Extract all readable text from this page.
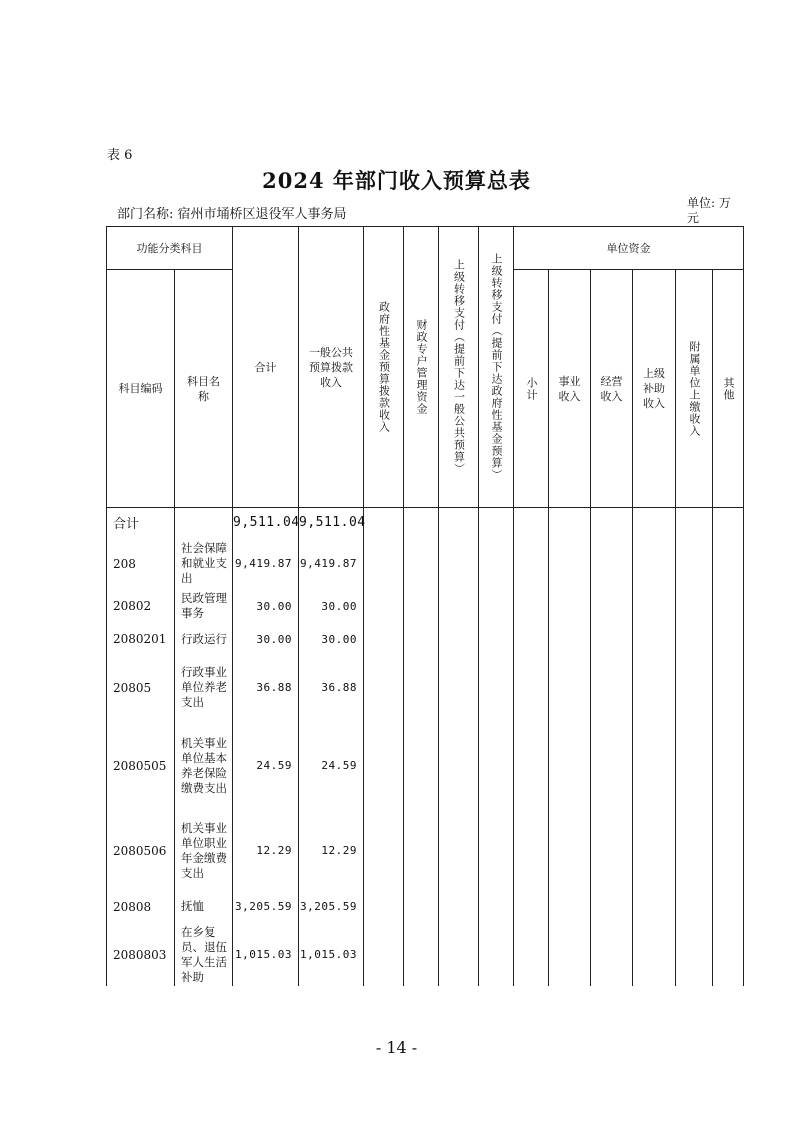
表 6
2024 年部门收入预算总表
部门名称: 宿州市埇桥区退役军人事务局
单位: 万元
功能分类科目		合计	一般公共预算拨款收入	政府性基金预算拨款收入	财政专户管理资金	上级转移支付（提前下达一般公共预算）	上级转移支付（提前下达政府性基金预算）	单位资金					
科目编码	科目名称							小计	事业收入	经营收入	上级补助收入	附属单位上缴收入	其他

合计		9,511.04	9,511.04										
208	社会保障和就业支出	9,419.87	9,419.87										
20802	民政管理事务	30.00	30.00										
2080201	行政运行	30.00	30.00										
20805	行政事业单位养老支出	36.88	36.88										
2080505	机关事业单位基本养老保险缴费支出	24.59	24.59										
2080506	机关事业单位职业年金缴费支出	12.29	12.29										
20808	抚恤	3,205.59	3,205.59										
2080803	在乡复员、退伍军人生活补助	1,015.03	1,015.03										
- 14 -
